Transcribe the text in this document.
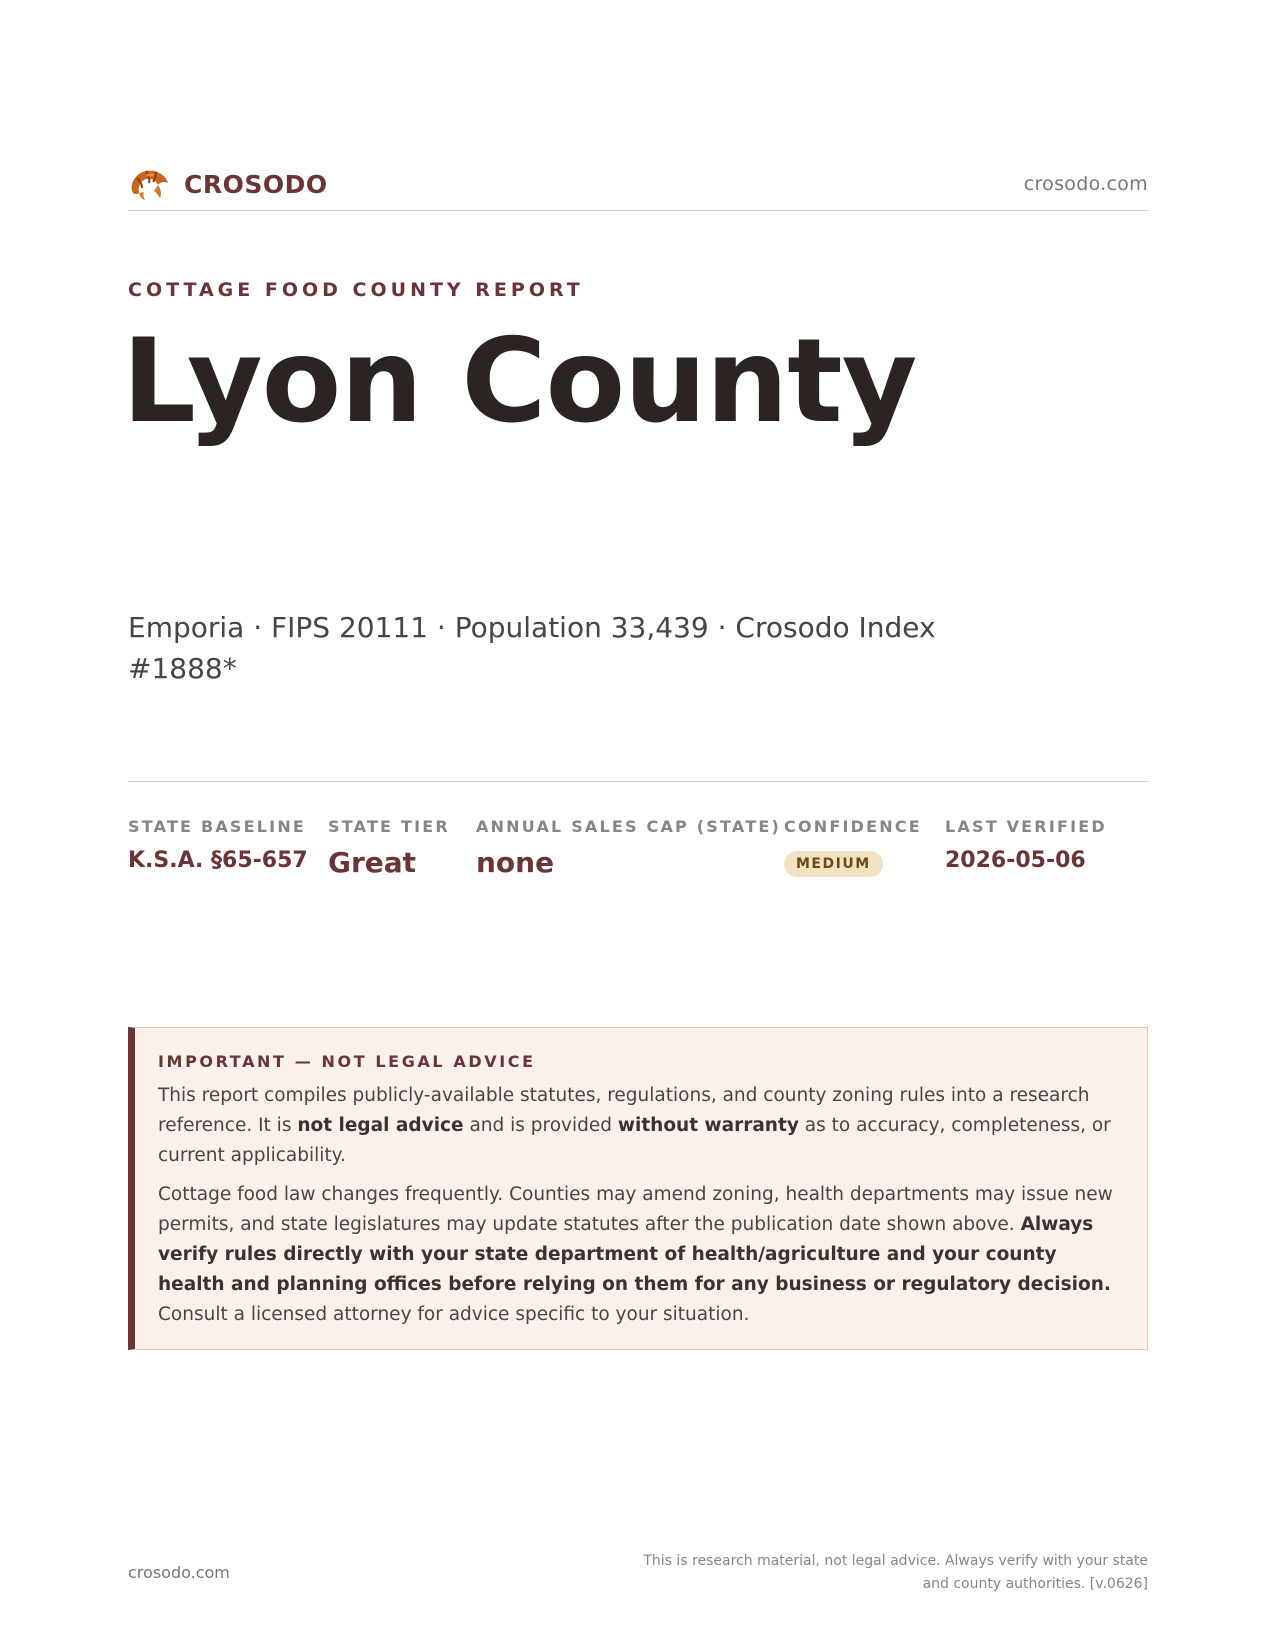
CROSODO	crosodo.com
COTTAGE FOOD COUNTY REPORT
Lyon County
Emporia · FIPS 20111 · Population 33,439 · Crosodo Index #1888*
STATE BASELINE
K.S.A. §65-657
STATE TIER
Great
ANNUAL SALES CAP (STATE)
none
CONFIDENCE
MEDIUM
LAST VERIFIED
2026-05-06
IMPORTANT — NOT LEGAL ADVICE

This report compiles publicly-available statutes, regulations, and county zoning rules into a research reference. It is not legal advice and is provided without warranty as to accuracy, completeness, or current applicability.

Cottage food law changes frequently. Counties may amend zoning, health departments may issue new permits, and state legislatures may update statutes after the publication date shown above. Always verify rules directly with your state department of health/agriculture and your county health and planning offices before relying on them for any business or regulatory decision. Consult a licensed attorney for advice specific to your situation.

crosodo.com
This is research material, not legal advice. Always verify with your state
and county authorities. [v.0626]
